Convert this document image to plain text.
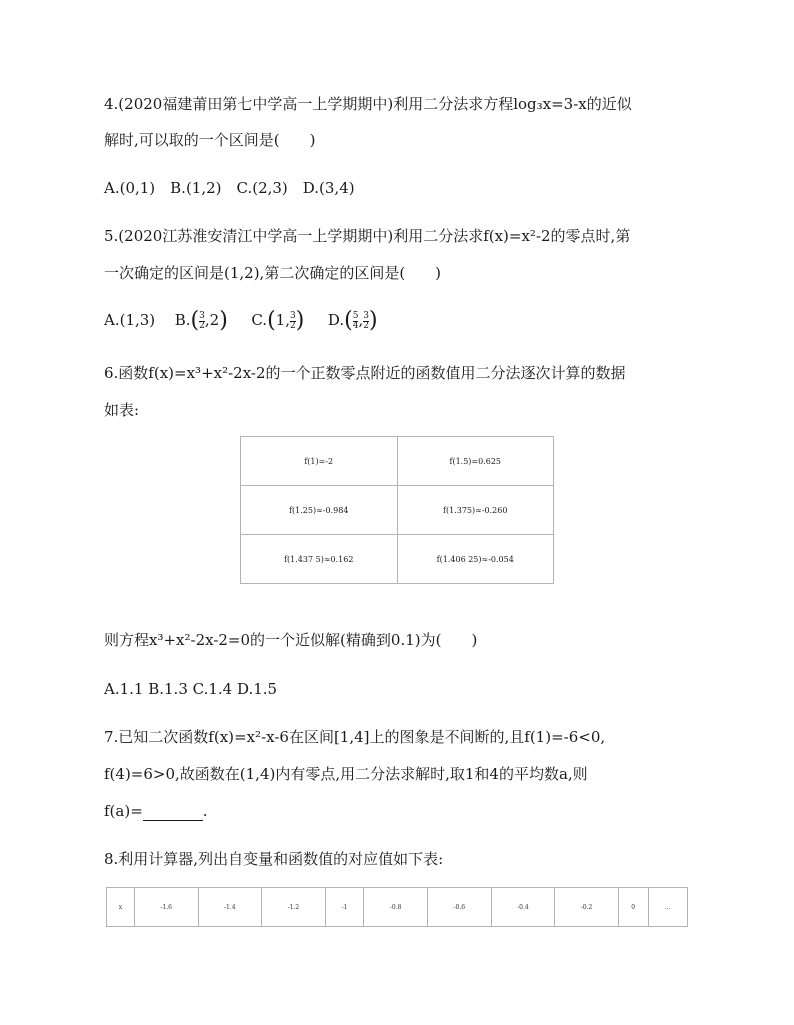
4.(2020福建莆田第七中学高一上学期期中)利用二分法求方程log₃x=3-x的近似
解时,可以取的一个区间是(　　)
A.(0,1)　B.(1,2)　C.(2,3)　D.(3,4)
5.(2020江苏淮安清江中学高一上学期期中)利用二分法求f(x)=x²-2的零点时,第
一次确定的区间是(1,2),第二次确定的区间是(　　)
A.(1,3) $B.( \frac{3}{2} ,2)$ C.(1, $\frac{3}{2}$ ) $D.( \frac{5}{4}$ , $\frac{3}{2}$ )
6.函数f(x)=x³+x²-2x-2的一个正数零点附近的函数值用二分法逐次计算的数据
如表:
f(1)=-2	f(1.5)=0.625
f(1.25)≈-0.984	f(1.375)≈-0.260
f(1.437 5)≈0.162	f(1.406 25)≈-0.054
则方程x³+x²-2x-2=0的一个近似解(精确到0.1)为(　　)
A.1.1 B.1.3 C.1.4 D.1.5
7.已知二次函数f(x)=x²-x-6在区间[1,4]上的图象是不间断的,且f(1)=-6<0,
f(4)=6>0,故函数在(1,4)内有零点,用二分法求解时,取1和4的平均数a,则
f(a)=	.
8.利用计算器,列出自变量和函数值的对应值如下表:
x	-1.6	-1.4	-1.2	-1	-0.8	-0.6	-0.4	-0.2	0	…
